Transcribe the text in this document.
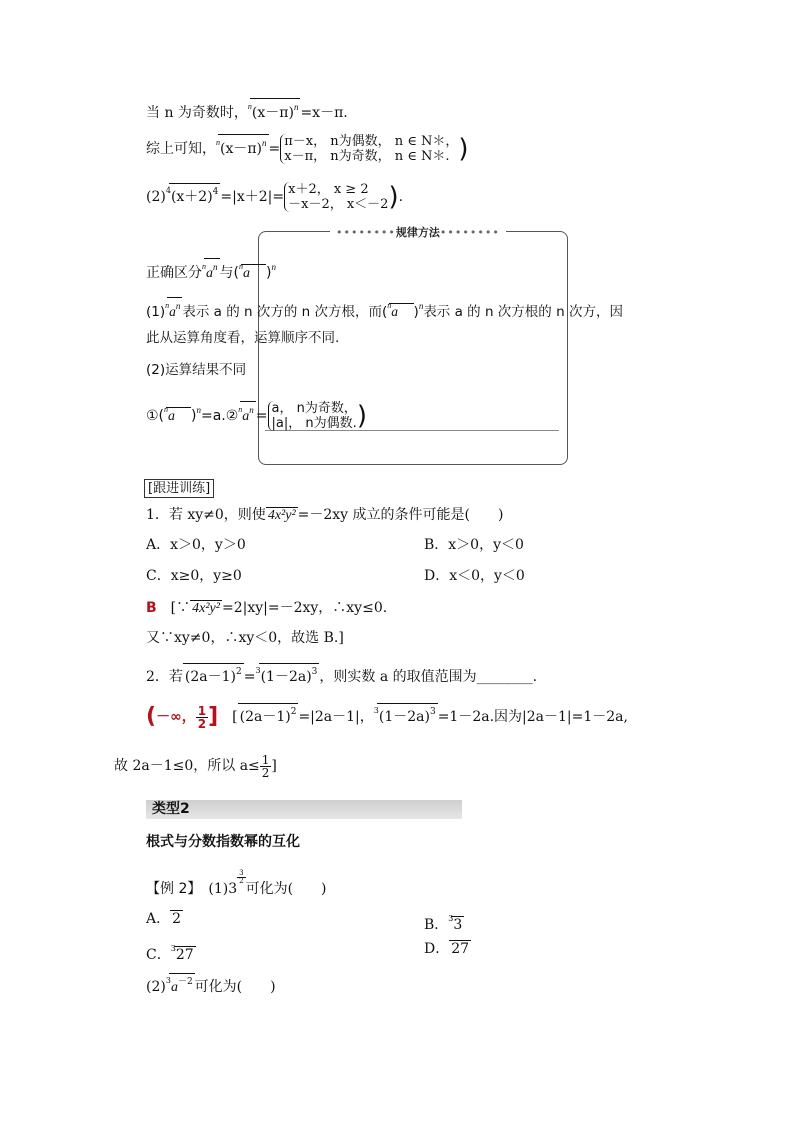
当 n 为奇数时，$^n(x-\pi)^n =x-\pi$.
综上可知，$^n(x-\pi)^n = \pi-x$， n为偶数， n ∈ N＊，
x－π， n为奇数， n ∈ N＊. )
$(2)^4(x+2)^4 =|x+2|= x+2$， x ≥ 2
－x－2， x＜－2).
••••••••规律方法••••••••
正确区分$^na^n$ 与($^n$a　 )$^n$
$(1)^na^n$ 表示 a 的 n 次方的 n 次方根，而($^n$a　 )$^n$表示 a 的 n 次方根的 n 次方，因
此从运算角度看，运算顺序不同.
(2)运算结果不同
①($^n$a　 )$^n=a.②^na^n = a$， n为奇数，
|a|， n为偶数.)
[跟进训练]
1．若 xy≠0，则使 4x²y² =－2xy 成立的条件可能是(　　)
A．x＞0，y＞0	B．x＞0，y＜0
C．x≥0，y≥0	D．x＜0，y＜0
B　 [∵ 4x²y² =2|xy|=－2xy，∴xy≤0.
又∵xy≠0，∴xy＜0，故选 B.]
2．若 $(2a-1)^2 =^3(1-2a)^3$ ，则实数 a 的取值范围为________.
(－∞， $\frac{1}{2}$ ]　 [ $(2a-1)^2 =|2a-1|$，$^3(1-2a)^3 =1-2a$.因为|2a－1|=1－2a,
故 2a－1≤0，所以 $a\le \frac{1}{2}$ ]
类型2
根式与分数指数幂的互化
【例 2】　 (1)3
$\frac{3}{2}$
可化为(　　)
A． 2	B．$^3$3
C．$^3$27	D． 27
$(2)^3a^{-2}$ 可化为(　　)
